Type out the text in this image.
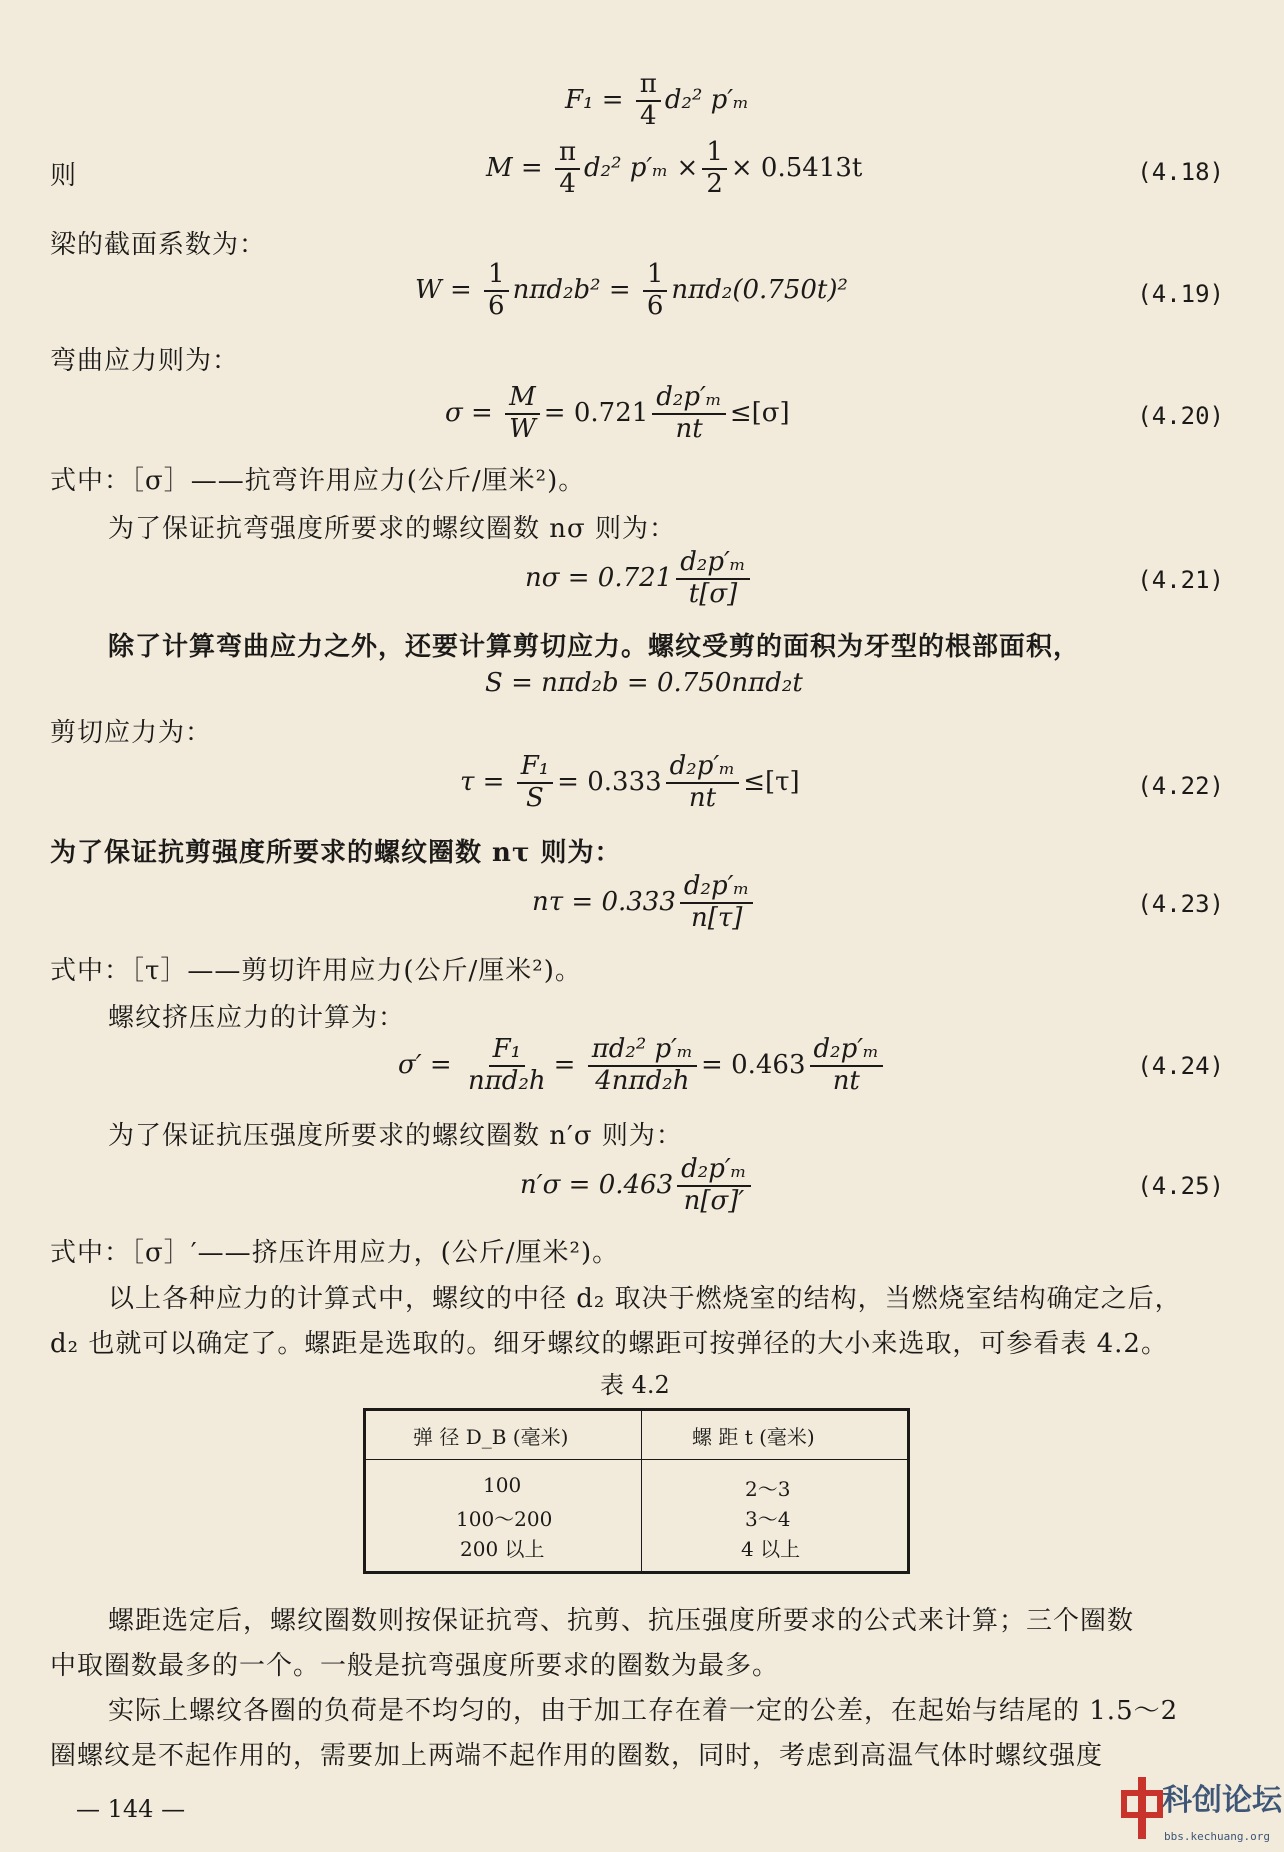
$F_1 = \frac{\pi}{4} d_2^2$ p′ₘ
则	$M = \frac{\pi}{4} d_2^2$ $p'_m \times \frac{1}{2} \times 0.5413t$	(4.18)
梁的截面系数为：
$W = \frac{1}{6} n\pi d_2b^2 = \frac{1}{6} n\pi d_2(0.750t)^2$	(4.19)
弯曲应力则为：
$\sigma = \frac{M}{W} = 0.721 \frac{\text{d₂p′ₘ}}{nt} \le[\sigma]$	(4.20)
式中：［σ］——抗弯许用应力(公斤/厘米²)。
为了保证抗弯强度所要求的螺纹圈数 nσ 则为：
$n\sigma = 0.721 \frac{\text{d₂p′ₘ}}{t[\sigma]}$	(4.21)
除了计算弯曲应力之外，还要计算剪切应力。螺纹受剪的面积为牙型的根部面积，
S = nπd₂b = 0.750nπd₂t
剪切应力为：
$\tau = \frac{\text{F₁}}{S} = 0.333 \frac{\text{d₂p′ₘ}}{nt} \le[\tau]$	(4.22)
为了保证抗剪强度所要求的螺纹圈数 nτ 则为：
$n\tau = 0.333 \frac{\text{d₂p′ₘ}}{n[\tau]}$	(4.23)
式中：［τ］——剪切许用应力(公斤/厘米²)。
螺纹挤压应力的计算为：
$\sigma' = \frac{\text{F₁}}{\text{nπd₂h}} = \frac{\text{πd₂² p′ₘ}}{\text{4nπd₂h}} = 0.463 \frac{\text{d₂p′ₘ}}{nt}$	(4.24)
为了保证抗压强度所要求的螺纹圈数 n′σ 则为：
$n'\sigma = 0.463 \frac{\text{d₂p′ₘ}}{n[\sigma]'}$	(4.25)
式中：［σ］′——挤压许用应力，(公斤/厘米²)。
以上各种应力的计算式中，螺纹的中径 d₂ 取决于燃烧室的结构，当燃烧室结构确定之后，
d₂ 也就可以确定了。螺距是选取的。细牙螺纹的螺距可按弹径的大小来选取，可参看表 4.2。
表 4.2
弹 径 D_B (毫米)	螺 距 t (毫米)
100	2～3
100～200	3～4
200 以上	4 以上
螺距选定后，螺纹圈数则按保证抗弯、抗剪、抗压强度所要求的公式来计算；三个圈数
中取圈数最多的一个。一般是抗弯强度所要求的圈数为最多。
实际上螺纹各圈的负荷是不均匀的，由于加工存在着一定的公差，在起始与结尾的 1.5～2
圈螺纹是不起作用的，需要加上两端不起作用的圈数，同时，考虑到高温气体时螺纹强度
— 144 —	科创论坛
bbs.kechuang.org
